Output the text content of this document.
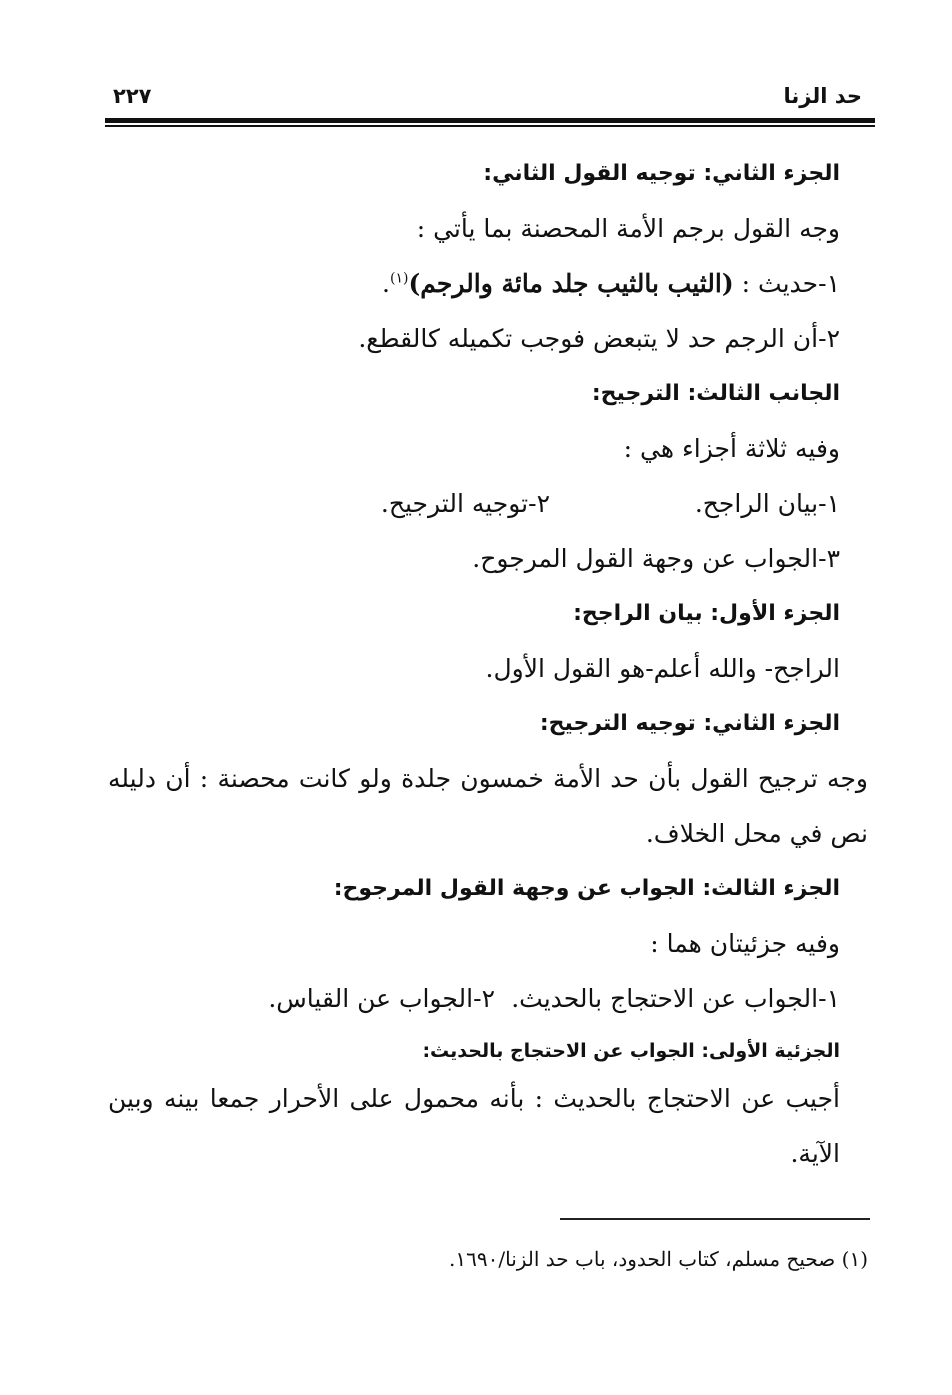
حد الزنا
٢٢٧
الجزء الثاني: توجيه القول الثاني:
وجه القول برجم الأمة المحصنة بما يأتي :
١-حديث : (الثيب بالثيب جلد مائة والرجم)$^{(١)}$.
٢-أن الرجم حد لا يتبعض فوجب تكميله كالقطع.
الجانب الثالث: الترجيح:
وفيه ثلاثة أجزاء هي :
١-بيان الراجح.
٢-توجيه الترجيح.
٣-الجواب عن وجهة القول المرجوح.
الجزء الأول: بيان الراجح:
الراجح- والله أعلم-هو القول الأول.
الجزء الثاني: توجيه الترجيح:
وجه ترجيح القول بأن حد الأمة خمسون جلدة ولو كانت محصنة : أن دليله
نص في محل الخلاف.
الجزء الثالث: الجواب عن وجهة القول المرجوح:
وفيه جزئيتان هما :
١-الجواب عن الاحتجاج بالحديث.
٢-الجواب عن القياس.
الجزئية الأولى: الجواب عن الاحتجاج بالحديث:
أجيب عن الاحتجاج بالحديث : بأنه محمول على الأحرار جمعا بينه وبين
الآية.
(١) صحيح مسلم، كتاب الحدود، باب حد الزنا/١٦٩٠.
